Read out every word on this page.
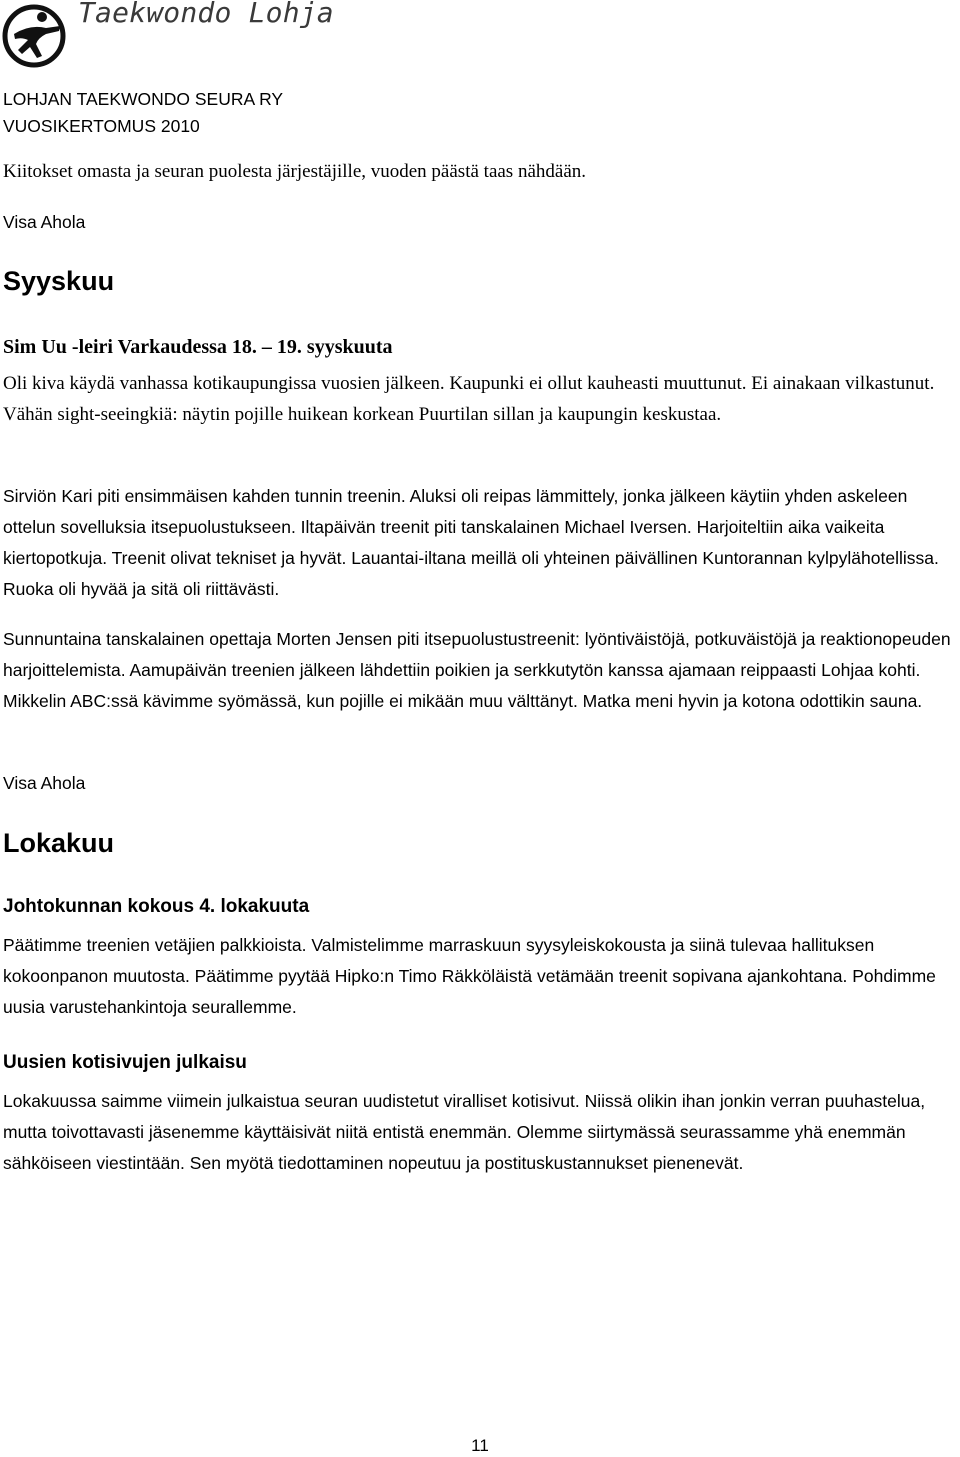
Taekwondo Lohja
LOHJAN TAEKWONDO SEURA RY
VUOSIKERTOMUS 2010

Kiitokset omasta ja seuran puolesta järjestäjille, vuoden päästä taas nähdään.

Visa Ahola

Syyskuu
Sim Uu -leiri Varkaudessa 18. – 19. syyskuuta

Oli kiva käydä vanhassa kotikaupungissa vuosien jälkeen. Kaupunki ei ollut kauheasti muuttunut. Ei ainakaan vilkastunut. Vähän sight-seeingkiä: näytin pojille huikean korkean Puurtilan sillan ja kaupungin keskustaa.

Sirviön Kari piti ensimmäisen kahden tunnin treenin. Aluksi oli reipas lämmittely, jonka jälkeen käytiin yhden askeleen ottelun sovelluksia itsepuolustukseen. Iltapäivän treenit piti tanskalainen Michael Iversen. Harjoiteltiin aika vaikeita kiertopotkuja. Treenit olivat tekniset ja hyvät. Lauantai-iltana meillä oli yhteinen päivällinen Kuntorannan kylpylähotellissa. Ruoka oli hyvää ja sitä oli riittävästi.

Sunnuntaina tanskalainen opettaja Morten Jensen piti itsepuolustustreenit: lyöntiväistöjä, potkuväistöjä ja reaktionopeuden harjoittelemista. Aamupäivän treenien jälkeen lähdettiin poikien ja serkkutytön kanssa ajamaan reippaasti Lohjaa kohti. Mikkelin ABC:ssä kävimme syömässä, kun pojille ei mikään muu välttänyt. Matka meni hyvin ja kotona odottikin sauna.

Visa Ahola

Lokakuu
Johtokunnan kokous 4. lokakuuta

Päätimme treenien vetäjien palkkioista. Valmistelimme marraskuun syysyleiskokousta ja siinä tulevaa hallituksen kokoonpanon muutosta. Päätimme pyytää Hipko:n Timo Räkköläistä vetämään treenit sopivana ajankohtana. Pohdimme uusia varustehankintoja seurallemme.

Uusien kotisivujen julkaisu

Lokakuussa saimme viimein julkaistua seuran uudistetut viralliset kotisivut. Niissä olikin ihan jonkin verran puuhastelua, mutta toivottavasti jäsenemme käyttäisivät niitä entistä enemmän. Olemme siirtymässä seurassamme yhä enemmän sähköiseen viestintään. Sen myötä tiedottaminen nopeutuu ja postituskustannukset pienenevät.

11
